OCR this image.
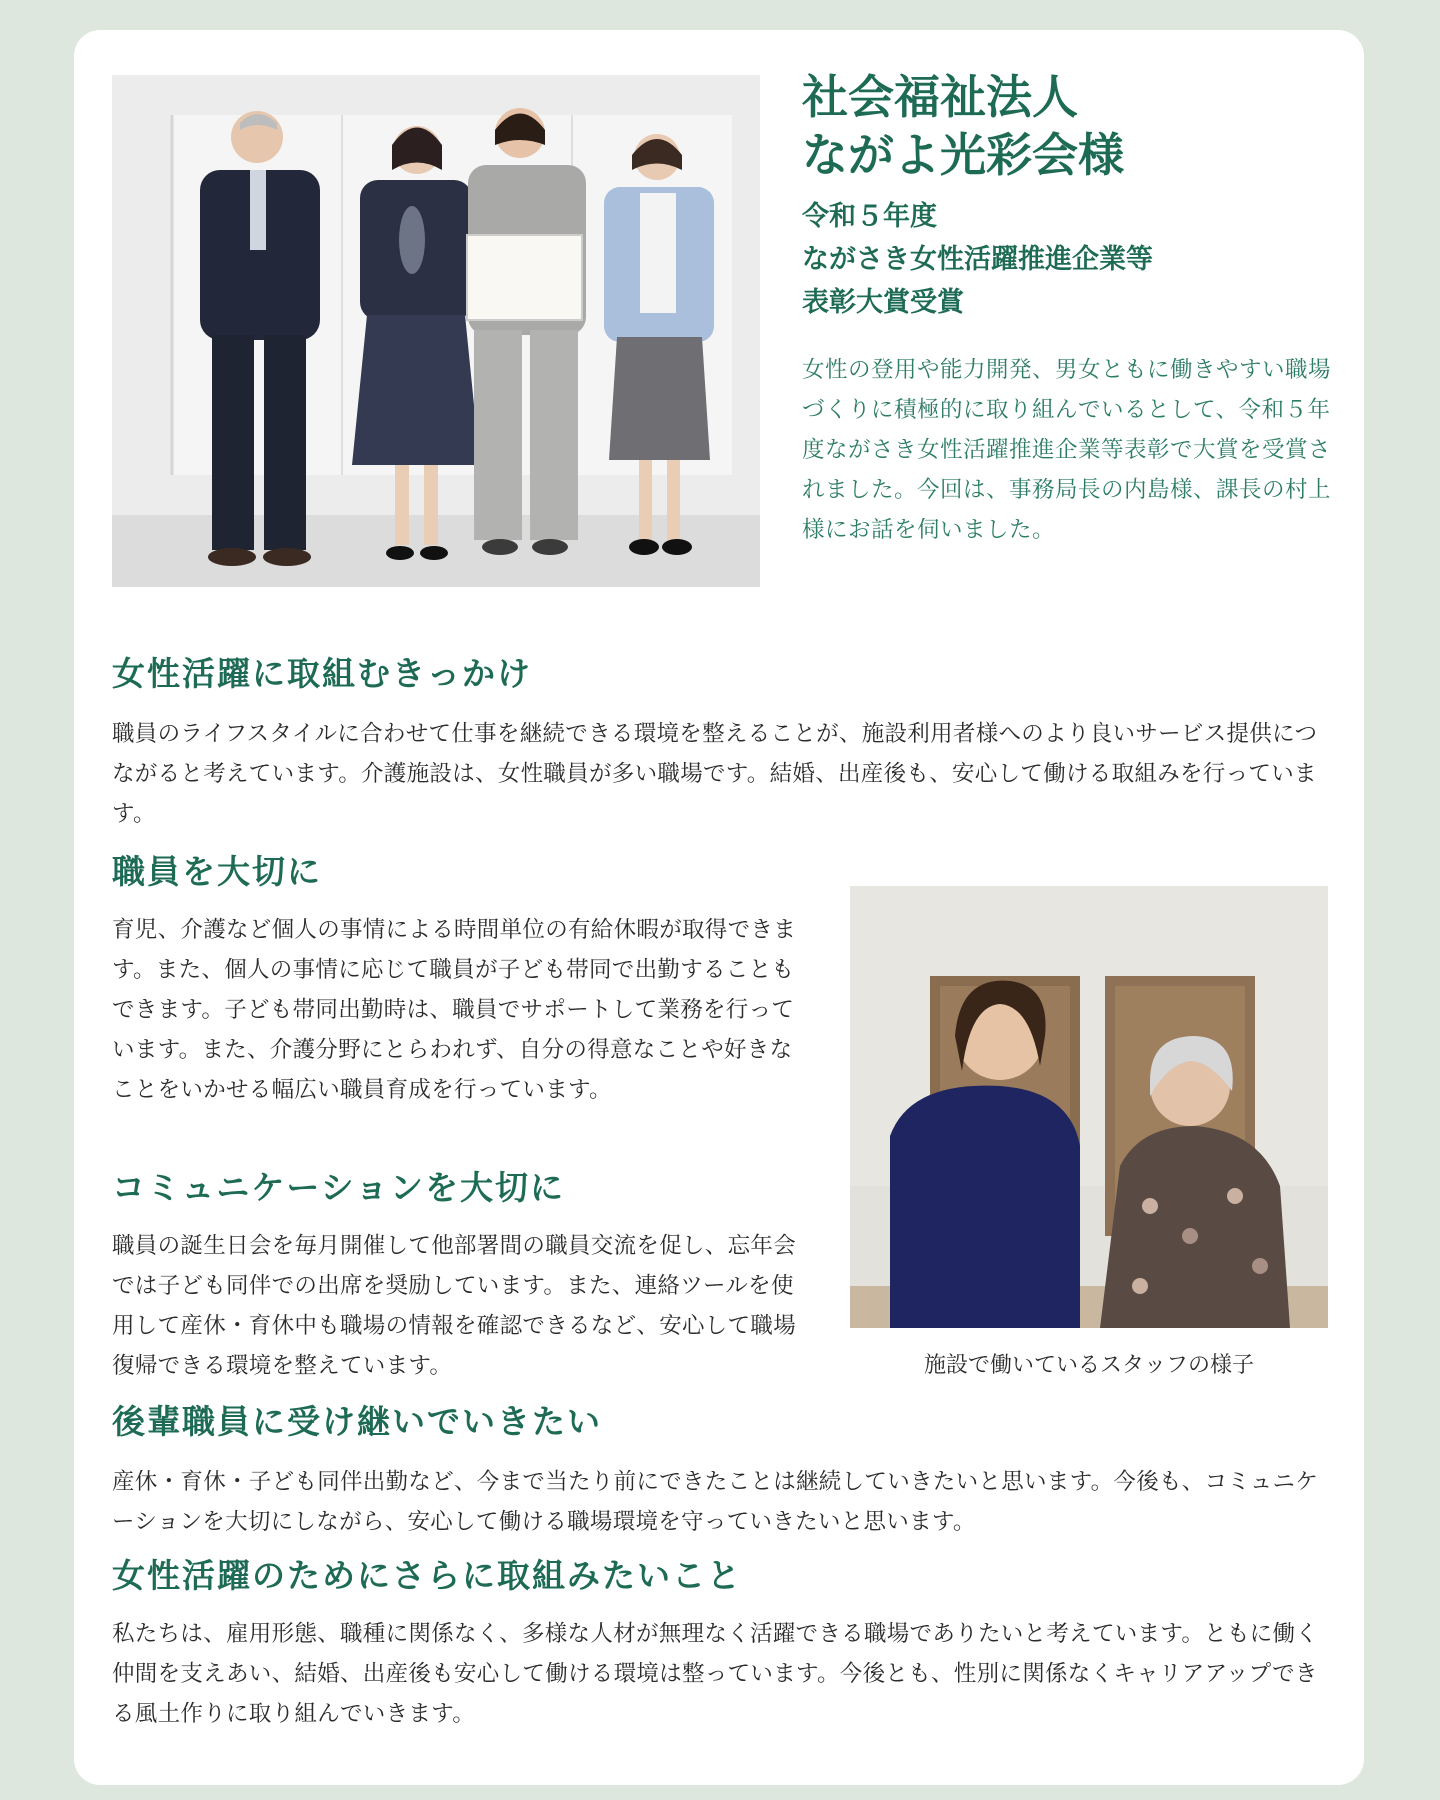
社会福祉法人
ながよ光彩会様
令和５年度
ながさき女性活躍推進企業等
表彰大賞受賞

女性の登用や能力開発、男女ともに働きやすい職場づくりに積極的に取り組んでいるとして、令和５年度ながさき女性活躍推進企業等表彰で大賞を受賞されました。今回は、事務局長の内島様、課長の村上様にお話を伺いました。

女性活躍に取組むきっかけ

職員のライフスタイルに合わせて仕事を継続できる環境を整えることが、施設利用者様へのより良いサービス提供につながると考えています。介護施設は、女性職員が多い職場です。結婚、出産後も、安心して働ける取組みを行っています。

職員を大切に

育児、介護など個人の事情による時間単位の有給休暇が取得できます。また、個人の事情に応じて職員が子ども帯同で出勤することもできます。子ども帯同出勤時は、職員でサポートして業務を行っています。また、介護分野にとらわれず、自分の得意なことや好きなことをいかせる幅広い職員育成を行っています。

コミュニケーションを大切に

職員の誕生日会を毎月開催して他部署間の職員交流を促し、忘年会では子ども同伴での出席を奨励しています。また、連絡ツールを使用して産休・育休中も職場の情報を確認できるなど、安心して職場復帰できる環境を整えています。	施設で働いているスタッフの様子
後輩職員に受け継いでいきたい

産休・育休・子ども同伴出勤など、今まで当たり前にできたことは継続していきたいと思います。今後も、コミュニケーションを大切にしながら、安心して働ける職場環境を守っていきたいと思います。

女性活躍のためにさらに取組みたいこと

私たちは、雇用形態、職種に関係なく、多様な人材が無理なく活躍できる職場でありたいと考えています。ともに働く仲間を支えあい、結婚、出産後も安心して働ける環境は整っています。今後とも、性別に関係なくキャリアアップできる風土作りに取り組んでいきます。
